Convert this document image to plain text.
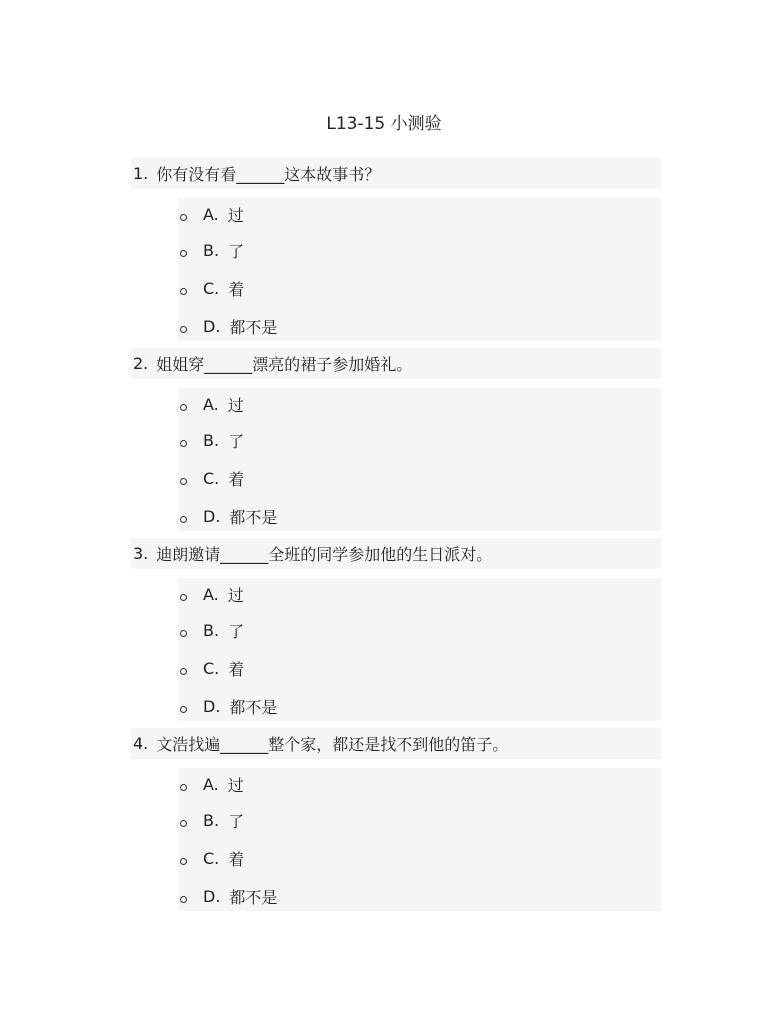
L13-15 小测验
1. 你有没有看______这本故事书？
A. 过
B. 了
C. 着
D. 都不是
2. 姐姐穿______漂亮的裙子参加婚礼。
A. 过
B. 了
C. 着
D. 都不是
3. 迪朗邀请______全班的同学参加他的生日派对。
A. 过
B. 了
C. 着
D. 都不是
4. 文浩找遍______整个家，都还是找不到他的笛子。
A. 过
B. 了
C. 着
D. 都不是
